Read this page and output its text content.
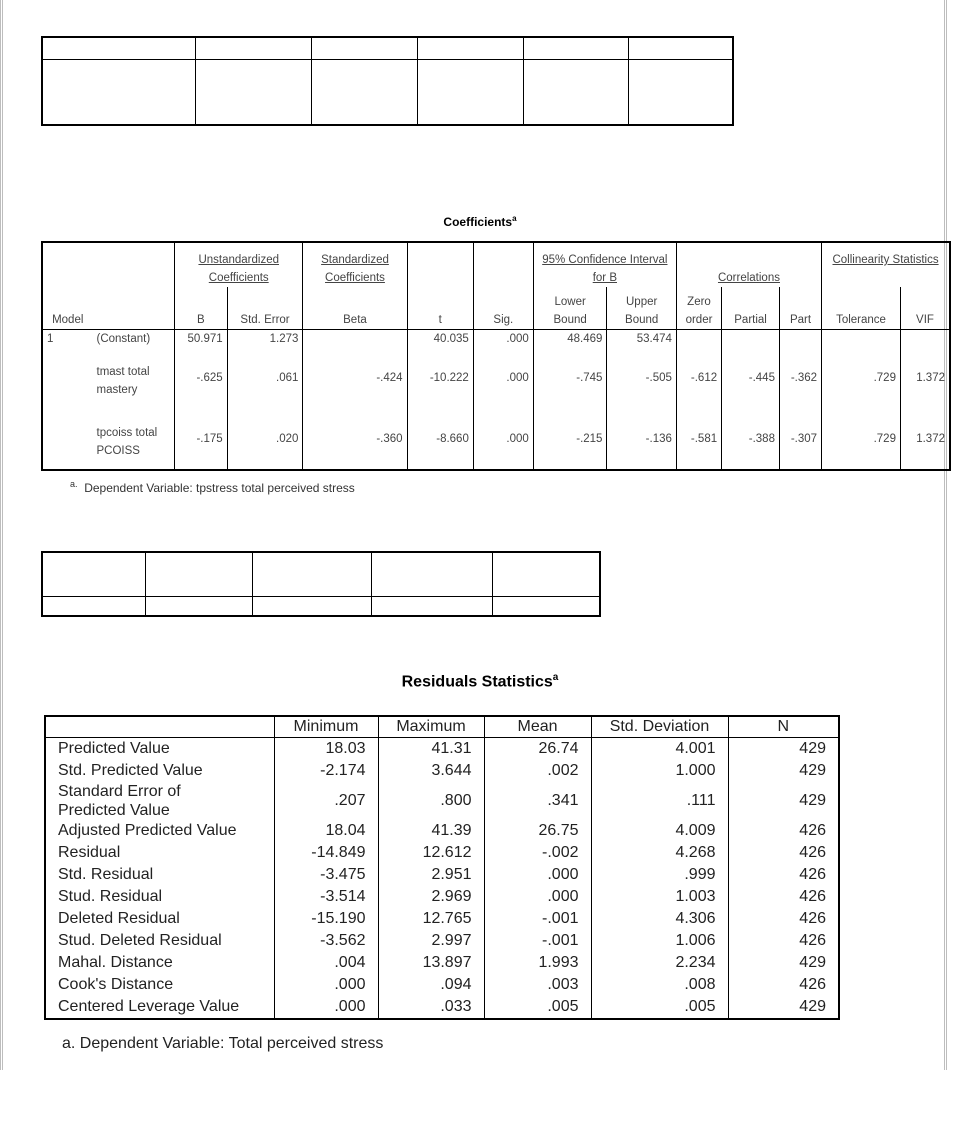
Coefficients$^a$
		Unstandardized Coefficients		Standardized Coefficients			95% Confidence Interval for B		Correlations			Collinearity Statistics	
Model		B	Std. Error	Beta	t	Sig.	Lower Bound	Upper Bound	Zero order	Partial	Part	Tolerance	VIF
1	(Constant)	50.971	1.273		40.035	.000	48.469	53.474					
	tmast total mastery	-.625	.061	-.424	-10.222	.000	-.745	-.505	-.612	-.445	-.362	.729	1.372
	tpcoiss total PCOISS	-.175	.020	-.360	-8.660	.000	-.215	-.136	-.581	-.388	-.307	.729	1.372
$^{a.}$ Dependent Variable: tpstress total perceived stress

Residuals Statistics$^a$
	Minimum	Maximum	Mean	Std. Deviation	N
Predicted Value	18.03	41.31	26.74	4.001	429
Std. Predicted Value	-2.174	3.644	.002	1.000	429
Standard Error of Predicted Value	.207	.800	.341	.111	429
Adjusted Predicted Value	18.04	41.39	26.75	4.009	426
Residual	-14.849	12.612	-.002	4.268	426
Std. Residual	-3.475	2.951	.000	.999	426
Stud. Residual	-3.514	2.969	.000	1.003	426
Deleted Residual	-15.190	12.765	-.001	4.306	426
Stud. Deleted Residual	-3.562	2.997	-.001	1.006	426
Mahal. Distance	.004	13.897	1.993	2.234	429
Cook's Distance	.000	.094	.003	.008	426
Centered Leverage Value	.000	.033	.005	.005	429
a. Dependent Variable: Total perceived stress
